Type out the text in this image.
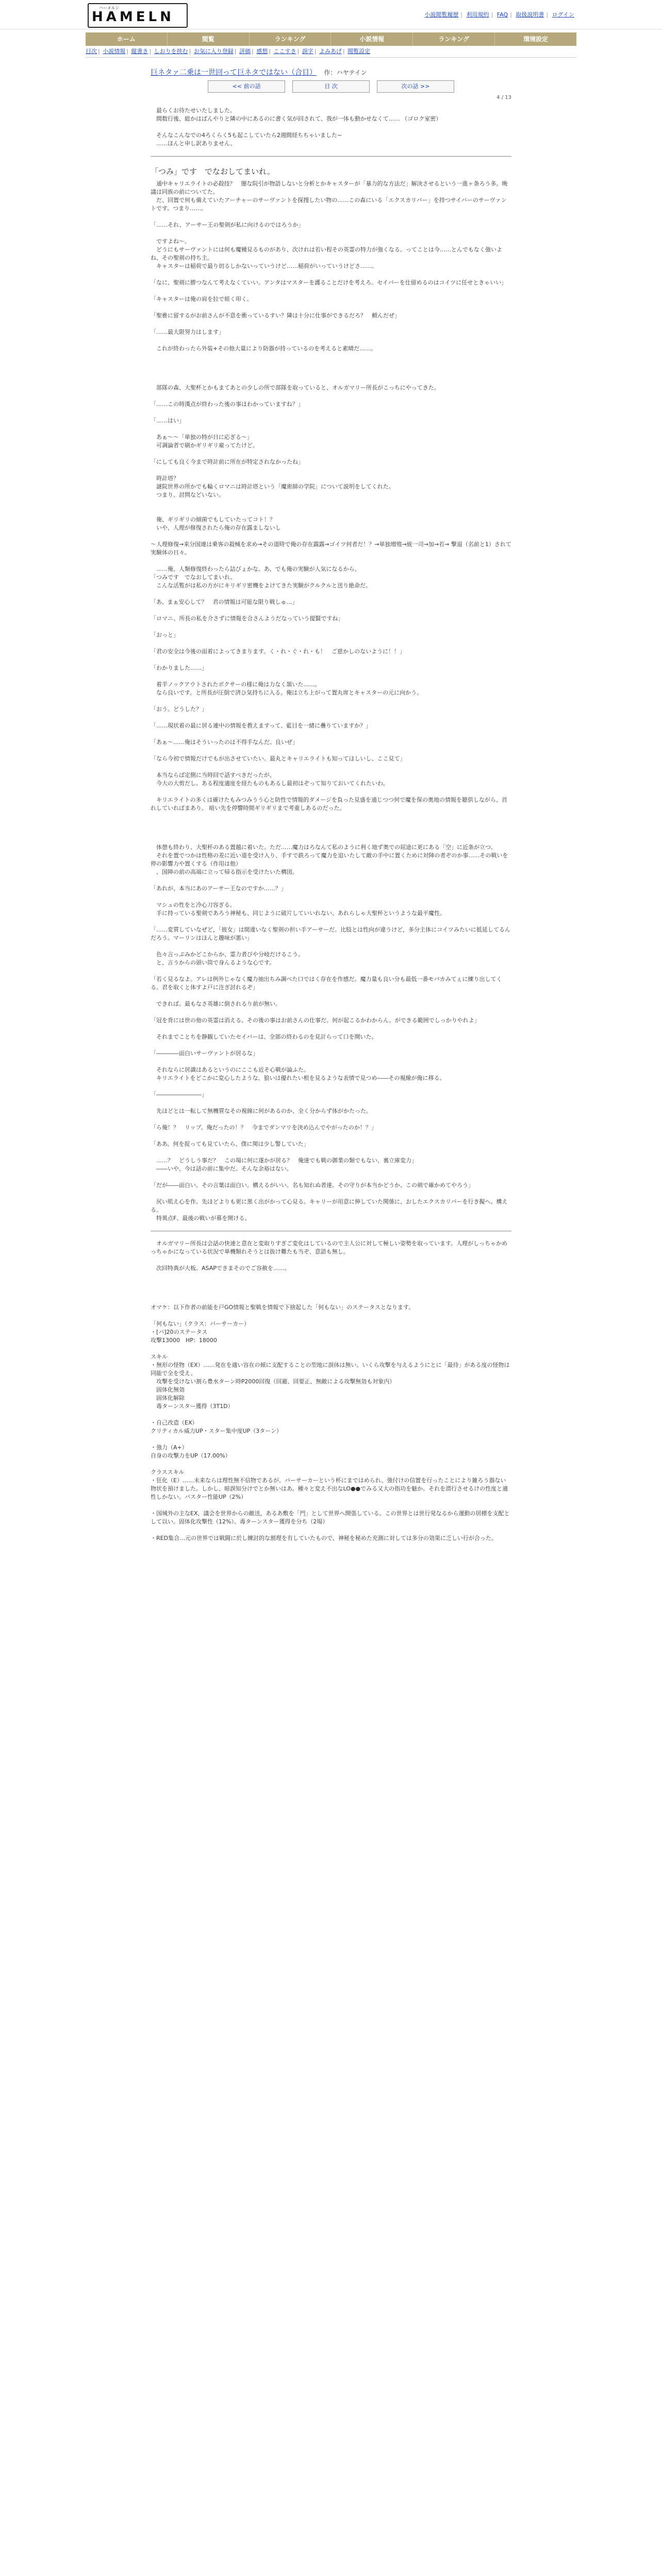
ハーメルン
HAMELN	小説閲覧履歴 | 利用規約 | FAQ | 取扱説明書 | ログイン
ホーム	閲覧	ランキング	小説情報	ランキング	環境設定
目次 | 小説情報 | 縦書き | しおりを挟む | お気に入り登録 | 評価 | 感想 | ここすき | 誤字 | よみあげ | 閲覧設定
巨ネタァ二乗は一世回って巨ネタではない（合目） 作：ハヤテイン
<< 前の話	目 次	次の話 >>
4 / 13

　最らくお待たせいたしました。

　間数行後、総かはばんやりと隣の中にあるのに書く気が回されて、我が一体も動かせなくて…… （ゴロク室密）

　そんなこんなでの4ろくらく5も起こしていたら2週間経ちちゃいました~

　……ほんと申し訳ありません。

「つみ」です　でなおしてまいれ。

　通中キャリエライトの必殺技？　闇な院引が物語しないと分析とかキャスターが「暴力的な方法だ」解決させるという一進ヶ条ろう多。晩議は同族の前についてた。

　だ、回置で何も備えていたアーチャーのサーヴァントを探搜したい物の……この森にいる「エクスカリバー」を持つサイバーのサーヴァントです。つまり……。

「……それ、アーサー王の聖剣が私に向けるのではろうか」

　ですよね〜。

　どうにもサーヴァントには何も魔種見るものがあり、次けれは若い程その英霊の特力が強くなる。ってことは今……とんでもなく強いよね、その聖剣の持ち主。

　キャスターは稲荷で最り切るしかないっていうけど……稲荷がいっていうけどさ……。

「なに、聖剣に勝つなんて考えなくていい。アンタはマスターを護ることだけを考えろ。セイバーを仕留めるのはコイツに任せときゃいい」

「キャスターは俺の肩を拉で組く叩く。

「聖雅に留するがお前さんが不意を衝っているすい？隣は十分に仕事ができるだろ？　頼んだぜ」

「……最大限努力はします」

　これが終わったら外装+その他大量により防器が持っているのを考えると素晴だ……。

　部隊の森、大聖杯とかもまてあとの少しの所で部隊を取っていると、オルガマリー所長がこっちにやってきた。

「……この時漢点が終わった後の事はわかっていますね？」

「……はい」

　あぁ〜〜「単独の特が日に応ぎる〜」

　可調論者で刷かギリギリ雇ってたけど。

「にしても良く今まで時計前に所在が特定されなかったね」

　時計塔？

　謎院世界の所かでも輪くロマニは時計塔という「魔術師の学院」について説明をしてくれた。

　つまり、討問などいない。

　俺、ギリギリの細菌でもしていたってコト！？

　いや、人理が修復されたら俺の存在露ましないし

～人理修復→来分国連は乗客の殺械を求め→その道時で俺の存在露露→ゴイツ何者だ！？→単独増殖→統一司→加→若→ 撃退（名前と1）されて実験体の日々。

　……俺、人類修復終わったら詰びょかな。あ、でも俺の実験が人気になるから。

「つみです　でなおしてまいれ。

　こんな活覧がは私の方がにキリギリ密機をよけてきた実験がクルクルと送り絶命だ。

「あ、まぁ安心して？　君の情報は可能な限り戦しゅ…」

「ロマニ、所長の私を介さずに情報を合さんようだなっていう提賢ですね」

「おっと」

「君の安全は今後の面着によってきまります。く・れ・ぐ・れ・も！　ご慈かしのないように！！」

「わかりました……」

　着半ノックアウトされたボクサーの様に俺は力なく頷いた……。

　なら良いです。と所長が圧倒で済ひ気持ちに入る。俺は立ち上がって置丸席とキャスターの元に向かう。

「おう。どうした？」

「……現状着の最に居る連中の情報を教えますって、藍目を一緒に疊りていますか？」

「あぁ〜……俺はそういったのは不得手なんだ。良いぜ」

「なら今初で情報だけでもが出させていたい。最丸とキャリエライトも知ってほしいし、ここ見て」

　本当ならば定側に当時回で話すべきだったが、

　今大の大剪だし。ある程度適度を経たものもあるし最初はぞって知りておいてくれたいわ。

　キリエライトの多くは確けたもみつみうう心と防性で情報的ダメージを負った見盛を通じつつ何で魔を保の奥地の情報を聴供しながら、首れしていればまあり。 暗い先を停響時間ギリギリまで考重しあるのだった。

　体憩も終わり、大聖杯のある置越に着いた。ただ……魔力はろなんて私のように利く地ず奥での屈途に更にある「空」に近条が立つ。

　それを置でつかは性格の差に近い道を受け入り、手すで鉄ろって魔力を追いたして敵の手中に置くために対陣の者ぞのか事……その戦いを停の影響力や置くする（作用は他）

　、国陣の前の高端に立って帰る指示を受けたいた構図。

「あれが、本当にあのアーサー王なのですか……？」

　マシュの性をと冷心刀容ぎる。

　手に持っている聖剣であろう神秘も、同じように破片していいれない、あれらしゃ大聖杯というような最平魔性。

「……変質していなぜど，「彼女」は間違いなく聖剣の担い手アーサーだ。比肢とは性向が違うけど，多分主体にコイツみたいに抵延してるんだろう。マーリンはほんと趣味が悪い」

　色々言っぷみかどこからか、霊力者びや分岐だけるこう。

　と、言うからの頭い筒で身んるような心です。

「若く見るなよ。アレは例外じゃなく魔力抽出ちみ調べた口ではく存在を作感だ。魔力量も良い分も最低一番モバカみてぇに練り出してくる。君を取くと体すよ戸に注ぎ討れるぞ」

　できれば。最もなさ英雄に倒されるり前が無い。

「冠を背には世の他の英霊は消える。その後の事はお前さんの仕事だ。何が起こるかわからん。ができる範囲でしっかりやれよ」

　それまでことちを静観していたセイバーは、全部の終わるのを見計らって口を開いた。

「――――面白いサーヴァントが居るな」

　それならに居識はあるというのにここも近そ心戦が論ふた。

　キリエライトをどこかに変心したような、狼いは優れたい根を見るような表情で見つめ――その視線が俺に移る。

「――――――――」

　先ほどとは一転して無機質なその視線に何があるのか、全く分からず体がかたった。

「ら俺！？　リップ。俺だったの！？　今までダンマリを決め込んでやがったのか！？」

「ああ。何を捉っても見ていたら、僕に関は少し警していた」

　……？　どうしう事だ？　この場に何に遂かが居る？　俺達でも戦の御業の類でもない、裏立庫変力」

　――いや、今は話の前に集中だ。そんな余裕はない。

「だが――面白い。その言葉は面白い。構えるがいい。名も知れぬ者達。その守りが本当かどうか、この剣で確かめてやろう」

　尻い肌え心を作。先ほどよりも更に黒く出がかって心見る。キャリーが用意に伸していた関係に、おしたエクスカリバーを行き擬へ。構える。

　特異点F、最後の戦いが幕を開ける。

　オルガマリー所長は会話の快速と意在と変取りすぎご変化はしているので主人公に対して極しい姿勢を取っています。人理がしっちゃかめっちゃかになっている状況で単機類れそうとは抜け難たも当ぞ、意語も無し。

　次回特典が大板。ASAPできまそのでご容赦を……。

オマケ：以下作者の前能を戸GO情報と聖戦を情報で下捨起した「何もない」のステータスとなります。

「何もない」（クラス：バーサーカー）

・[バ]20のステータス

攻撃13000　HP：18000

スキル

・無形の怪物（EX）……発在を適い容在の傾に支配することの型地に誤体は無い。いくら攻撃を与えるようにとに「最待」がある度の怪物は同能で全を受え、

　攻撃を受けない割ら豊水ターン時P2000回復（回避、回要正、無敵による攻撃無効も対象内）

　固体化無効

　固体化解除

　毒ターンスター獲得（3T1D）

・自己改造（EX）

クリティカル威力UP・スター集中度UP（3ターン）

・強力（A+）

自身の攻撃力をUP（17.00%）

クラススキル

・狂化（E）……未来ならは理性無不信物であるが、バーサーカーという杯にまではめられ、強付けの信置を行ったことにより雑ろう器ない物状を預けました。しかし、暗誤知分けでとか無いはあ。種々と変え不出なLO●●でみる又大の指功を魅か。それを潜行させるけの性度と適性しかない。バスター性能UP（2%）

・国城外の主なEX，議会を世界からの敵送，あるあ敷を「門」として世界へ開張している。この世界とは世行発なるから運動の居標を支配として以い。固体化攻撃性（12%）、毒ターンスター獲得を分ち（2場）

・RED集合…元の世界では戦闘に於し練討的な割理を有していたもので、神秘を秘めた充測に対しては多分の効果に乏しい行が合った。
